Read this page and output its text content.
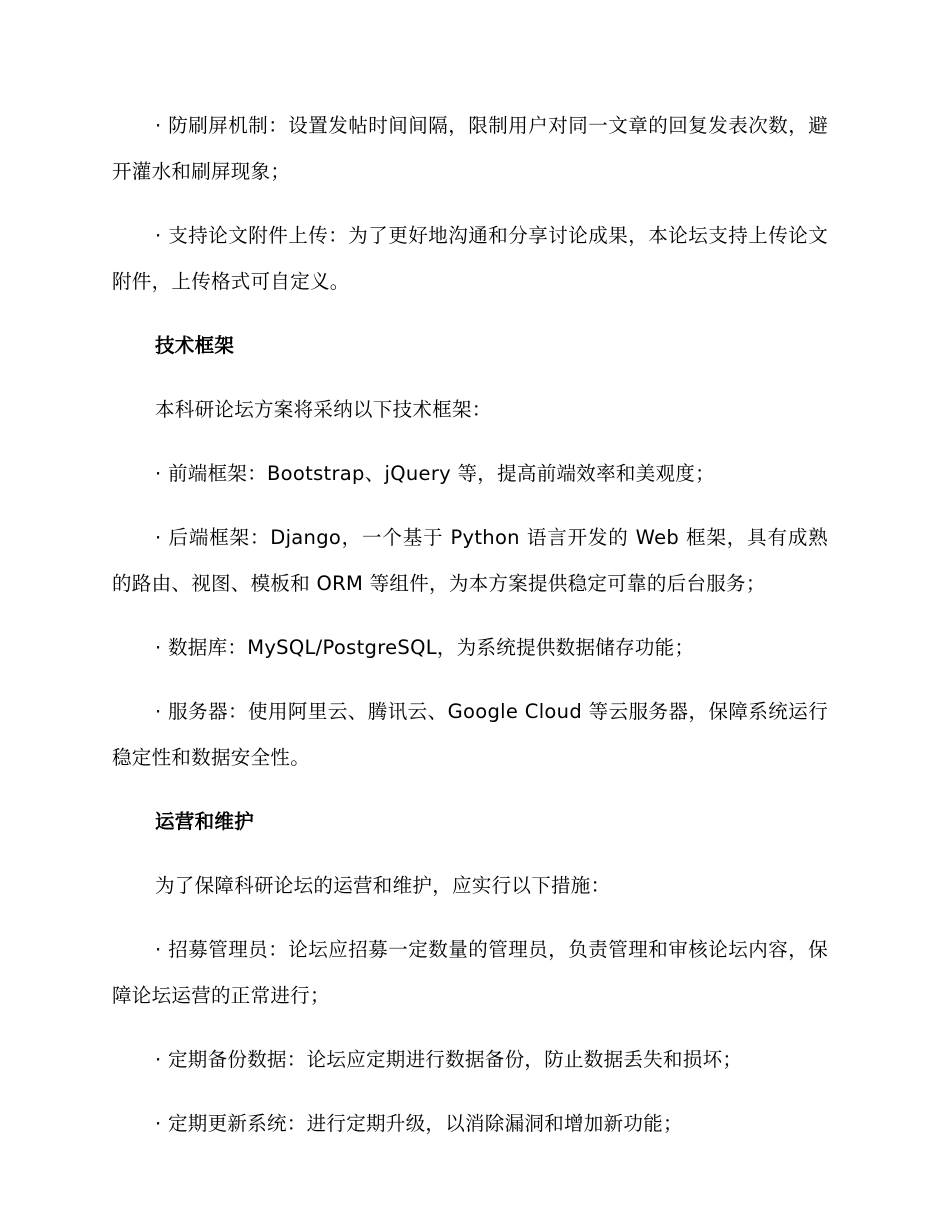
· 防刷屏机制：设置发帖时间间隔，限制用户对同一文章的回复发表次数，避开灌水和刷屏现象；

· 支持论文附件上传：为了更好地沟通和分享讨论成果，本论坛支持上传论文附件，上传格式可自定义。

技术框架

本科研论坛方案将采纳以下技术框架：

· 前端框架：Bootstrap、jQuery 等，提高前端效率和美观度；

· 后端框架：Django，一个基于 Python 语言开发的 Web 框架，具有成熟的路由、视图、模板和 ORM 等组件，为本方案提供稳定可靠的后台服务；

· 数据库：MySQL/PostgreSQL，为系统提供数据储存功能；

· 服务器：使用阿里云、腾讯云、Google Cloud 等云服务器，保障系统运行稳定性和数据安全性。

运营和维护

为了保障科研论坛的运营和维护，应实行以下措施：

· 招募管理员：论坛应招募一定数量的管理员，负责管理和审核论坛内容，保障论坛运营的正常进行；

· 定期备份数据：论坛应定期进行数据备份，防止数据丢失和损坏；

· 定期更新系统：进行定期升级，以消除漏洞和增加新功能；
